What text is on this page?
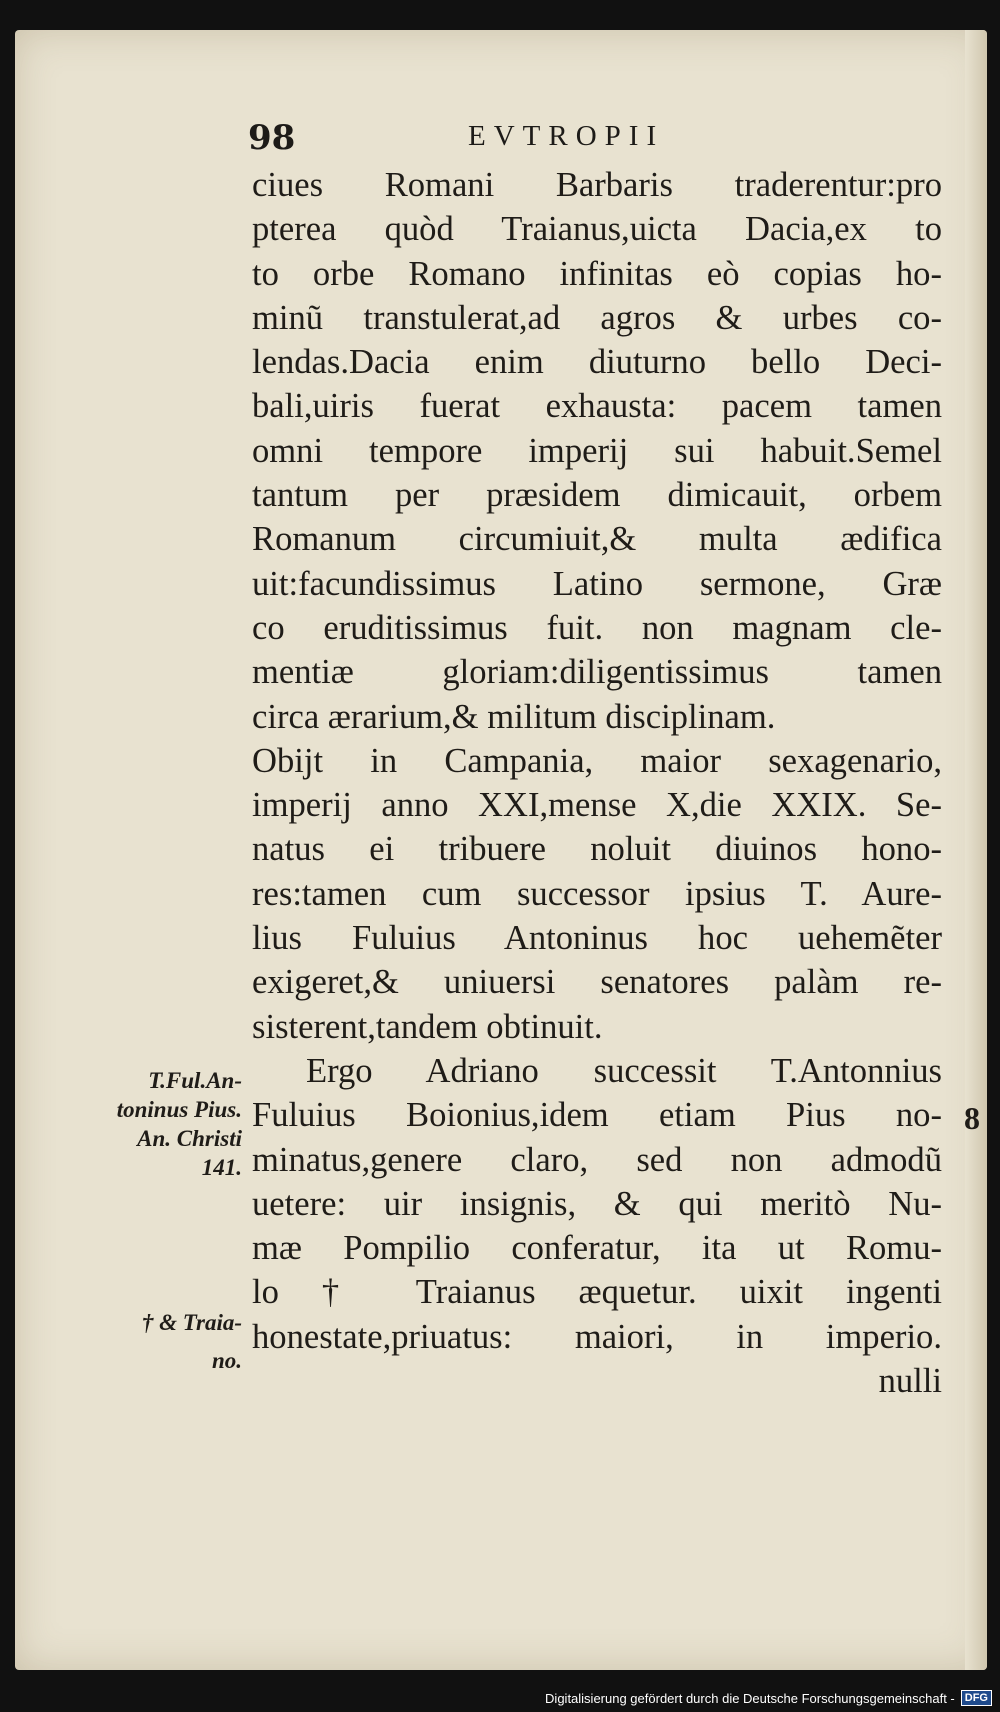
98	EVTROPII
ciues Romani Barbaris traderentur:pro
pterea quòd Traianus,uicta Dacia,ex to
to orbe Romano infinitas eò copias ho-
minũ transtulerat,ad agros & urbes co-
lendas.Dacia enim diuturno bello Deci-
bali,uiris fuerat exhausta: pacem tamen
omni tempore imperij sui habuit.Semel
tantum per præsidem dimicauit, orbem
Romanum circumiuit,& multa ædifica
uit:facundissimus Latino sermone, Græ
co eruditissimus fuit. non magnam cle-
mentiæ gloriam:diligentissimus tamen
circa ærarium,& militum disciplinam.
Obijt in Campania, maior sexagenario,
imperij anno XXI,mense X,die XXIX. Se-
natus ei tribuere noluit diuinos hono-
res:tamen cum successor ipsius T. Aure-
lius Fuluius Antoninus hoc uehemẽter
exigeret,& uniuersi senatores palàm re-
sisterent,tandem obtinuit.
Ergo Adriano successit T.Antonnius
Fuluius Boionius,idem etiam Pius no-
minatus,genere claro, sed non admodũ
uetere: uir insignis, & qui meritò Nu-
mæ Pompilio conferatur, ita ut Romu-
lo † Traianus æquetur. uixit ingenti
honestate,priuatus: maiori, in imperio.
nulli
T.Ful.An-
toninus Pius.
An. Christi
141.
† & Traia-
no.
8
Digitalisierung gefördert durch die Deutsche Forschungsgemeinschaft - DFG
